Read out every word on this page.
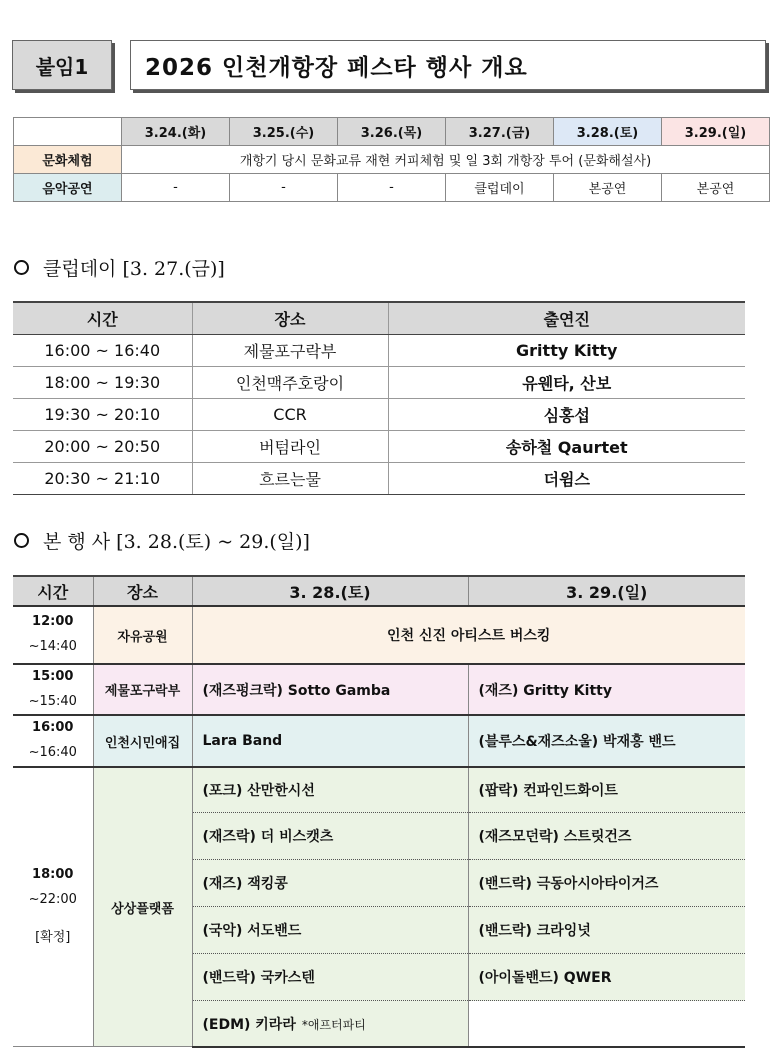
붙임1	2026 인천개항장 페스타 행사 개요
	3.24.(화)	3.25.(수)	3.26.(목)	3.27.(금)	3.28.(토)	3.29.(일)
문화체험	개항기 당시 문화교류 재현 커피체험 및 일 3회 개항장 투어 (문화해설사)					
음악공연	-	-	-	클럽데이	본공연	본공연
클럽데이 [3. 27.(금)]
시간	장소	출연진
16:00 ~ 16:40	제물포구락부	Gritty Kitty
18:00 ~ 19:30	인천맥주호랑이	유웬타, 산보
19:30 ~ 20:10	CCR	심홍섭
20:00 ~ 20:50	버텀라인	송하철 Qaurtet
20:30 ~ 21:10	흐르는물	더윔스
본 행 사 [3. 28.(토) ~ 29.(일)]
시간	장소	3. 28.(토)	3. 29.(일)

12:00
~14:40	자유공원	인천 신진 아티스트 버스킹	

15:00
~15:40	제물포구락부	(재즈펑크락) Sotto Gamba	(재즈) Gritty Kitty

16:00
~16:40	인천시민애집	Lara Band	(블루스&재즈소울) 박재홍 밴드

18:00
~22:00
[확정]	상상플랫폼	(포크) 산만한시선	(팝락) 컨파인드화이트
		(재즈락) 더 비스캣츠	(재즈모던락) 스트릿건즈
		(재즈) 잭킹콩	(밴드락) 극동아시아타이거즈
		(국악) 서도밴드	(밴드락) 크라잉넛
		(밴드락) 국카스텐	(아이돌밴드) QWER
		(EDM) 키라라 *애프터파티	
